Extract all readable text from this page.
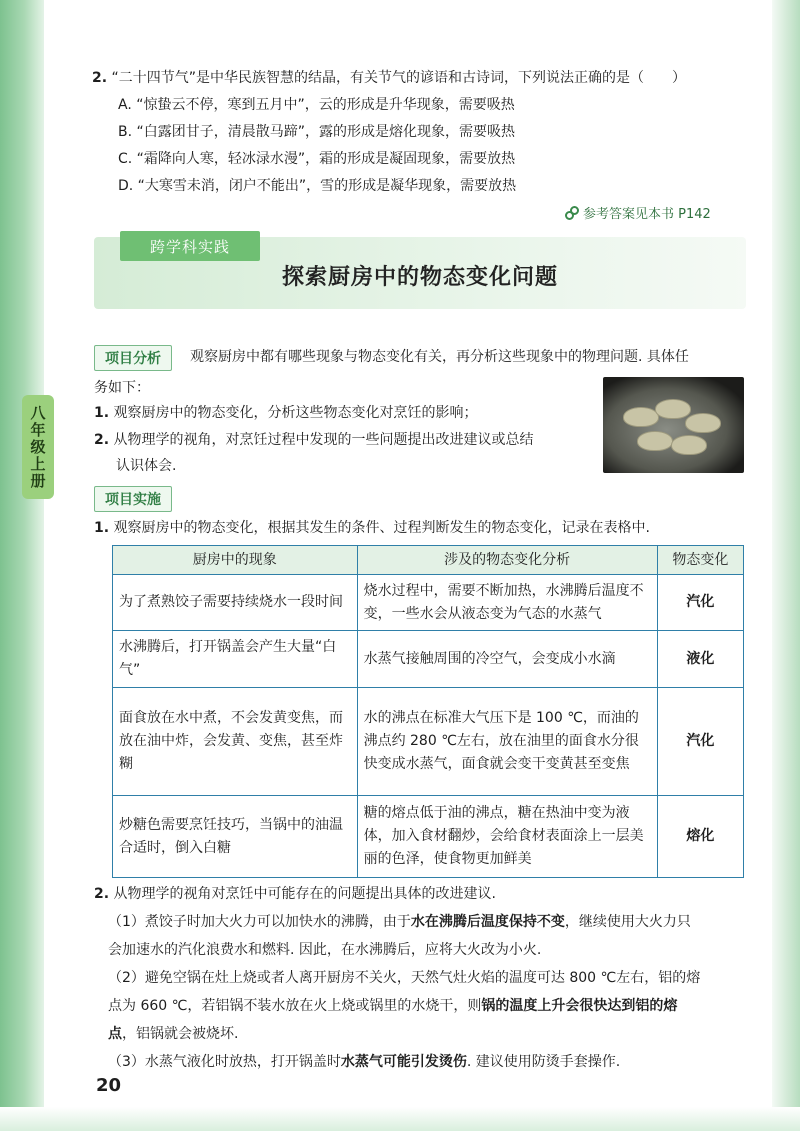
八年级上册
2. “二十四节气”是中华民族智慧的结晶，有关节气的谚语和古诗词，下列说法正确的是（　　）
A. “惊蛰云不停，寒到五月中”，云的形成是升华现象，需要吸热
B. “白露团甘子，清晨散马蹄”，露的形成是熔化现象，需要吸热
C. “霜降向人寒，轻冰渌水漫”，霜的形成是凝固现象，需要放热
D. “大寒雪未消，闭户不能出”，雪的形成是凝华现象，需要放热
参考答案见本书 P142
跨学科实践
探索厨房中的物态变化问题
项目分析	观察厨房中都有哪些现象与物态变化有关，再分析这些现象中的物理问题. 具体任
务如下：
1. 观察厨房中的物态变化，分析这些物态变化对烹饪的影响；
2. 从物理学的视角，对烹饪过程中发现的一些问题提出改进建议或总结
认识体会.
项目实施
1. 观察厨房中的物态变化，根据其发生的条件、过程判断发生的物态变化，记录在表格中.
厨房中的现象	涉及的物态变化分析	物态变化
为了煮熟饺子需要持续烧水一段时间	烧水过程中，需要不断加热，水沸腾后温度不变，一些水会从液态变为气态的水蒸气	汽化
水沸腾后，打开锅盖会产生大量“白气”	水蒸气接触周围的冷空气，会变成小水滴	液化
面食放在水中煮，不会发黄变焦，而放在油中炸，会发黄、变焦，甚至炸糊	水的沸点在标准大气压下是 100 ℃，而油的沸点约 280 ℃左右，放在油里的面食水分很快变成水蒸气，面食就会变干变黄甚至变焦	汽化
炒糖色需要烹饪技巧，当锅中的油温合适时，倒入白糖	糖的熔点低于油的沸点，糖在热油中变为液体，加入食材翻炒，会给食材表面涂上一层美丽的色泽，使食物更加鲜美	熔化
2. 从物理学的视角对烹饪中可能存在的问题提出具体的改进建议.
（1）煮饺子时加大火力可以加快水的沸腾，由于水在沸腾后温度保持不变，继续使用大火力只
会加速水的汽化浪费水和燃料. 因此，在水沸腾后，应将大火改为小火.
（2）避免空锅在灶上烧或者人离开厨房不关火，天然气灶火焰的温度可达 800 ℃左右，铝的熔
点为 660 ℃，若铝锅不装水放在火上烧或锅里的水烧干，则锅的温度上升会很快达到铝的熔
点，铝锅就会被烧坏.
（3）水蒸气液化时放热，打开锅盖时水蒸气可能引发烫伤. 建议使用防烫手套操作.
20
